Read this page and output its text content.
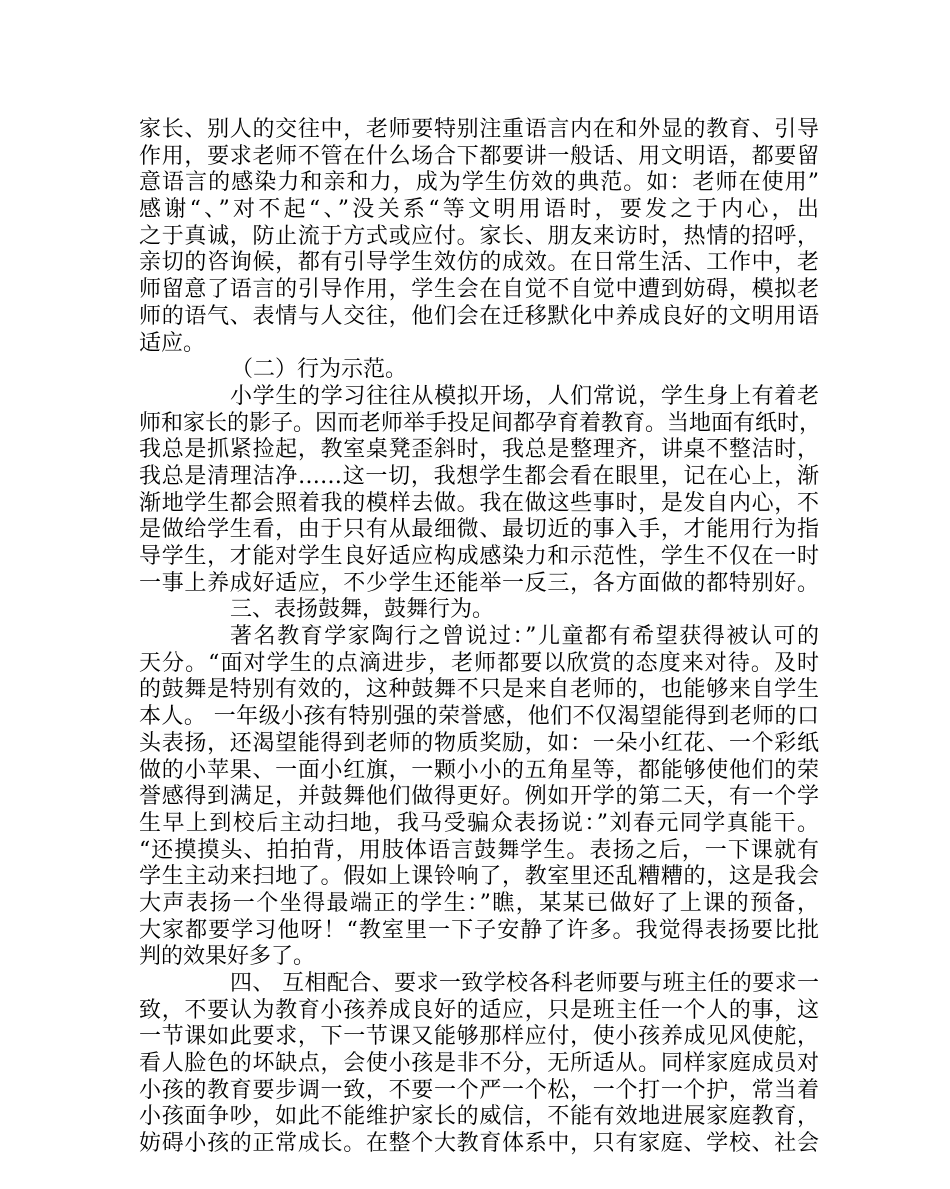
家长、别人的交往中，老师要特别注重语言内在和外显的教育、引导
作用，要求老师不管在什么场合下都要讲一般话、用文明语，都要留
意语言的感染力和亲和力，成为学生仿效的典范。如：老师在使用”
感谢“、”对不起“、”没关系“等文明用语时，要发之于内心，出
之于真诚，防止流于方式或应付。家长、朋友来访时，热情的招呼，
亲切的咨询候，都有引导学生效仿的成效。在日常生活、工作中，老
师留意了语言的引导作用，学生会在自觉不自觉中遭到妨碍，模拟老
师的语气、表情与人交往，他们会在迁移默化中养成良好的文明用语
适应。
（二）行为示范。
小学生的学习往往从模拟开场，人们常说，学生身上有着老
师和家长的影子。因而老师举手投足间都孕育着教育。当地面有纸时，
我总是抓紧捡起，教室桌凳歪斜时，我总是整理齐，讲桌不整洁时，
我总是清理洁净……这一切，我想学生都会看在眼里，记在心上，渐
渐地学生都会照着我的模样去做。我在做这些事时，是发自内心，不
是做给学生看，由于只有从最细微、最切近的事入手，才能用行为指
导学生，才能对学生良好适应构成感染力和示范性，学生不仅在一时
一事上养成好适应，不少学生还能举一反三，各方面做的都特别好。
三、表扬鼓舞，鼓舞行为。
著名教育学家陶行之曾说过：”儿童都有希望获得被认可的
天分。“面对学生的点滴进步，老师都要以欣赏的态度来对待。及时
的鼓舞是特别有效的，这种鼓舞不只是来自老师的，也能够来自学生
本人。 一年级小孩有特别强的荣誉感，他们不仅渴望能得到老师的口
头表扬，还渴望能得到老师的物质奖励，如：一朵小红花、一个彩纸
做的小苹果、一面小红旗，一颗小小的五角星等，都能够使他们的荣
誉感得到满足，并鼓舞他们做得更好。例如开学的第二天，有一个学
生早上到校后主动扫地，我马受骗众表扬说：”刘春元同学真能干。
“还摸摸头、拍拍背，用肢体语言鼓舞学生。表扬之后，一下课就有
学生主动来扫地了。假如上课铃响了，教室里还乱糟糟的，这是我会
大声表扬一个坐得最端正的学生：”瞧，某某已做好了上课的预备，
大家都要学习他呀！“教室里一下子安静了许多。我觉得表扬要比批
判的效果好多了。
四、 互相配合、要求一致学校各科老师要与班主任的要求一
致，不要认为教育小孩养成良好的适应，只是班主任一个人的事，这
一节课如此要求，下一节课又能够那样应付，使小孩养成见风使舵，
看人脸色的坏缺点，会使小孩是非不分，无所适从。同样家庭成员对
小孩的教育要步调一致，不要一个严一个松，一个打一个护，常当着
小孩面争吵，如此不能维护家长的威信，不能有效地进展家庭教育，
妨碍小孩的正常成长。在整个大教育体系中，只有家庭、学校、社会
